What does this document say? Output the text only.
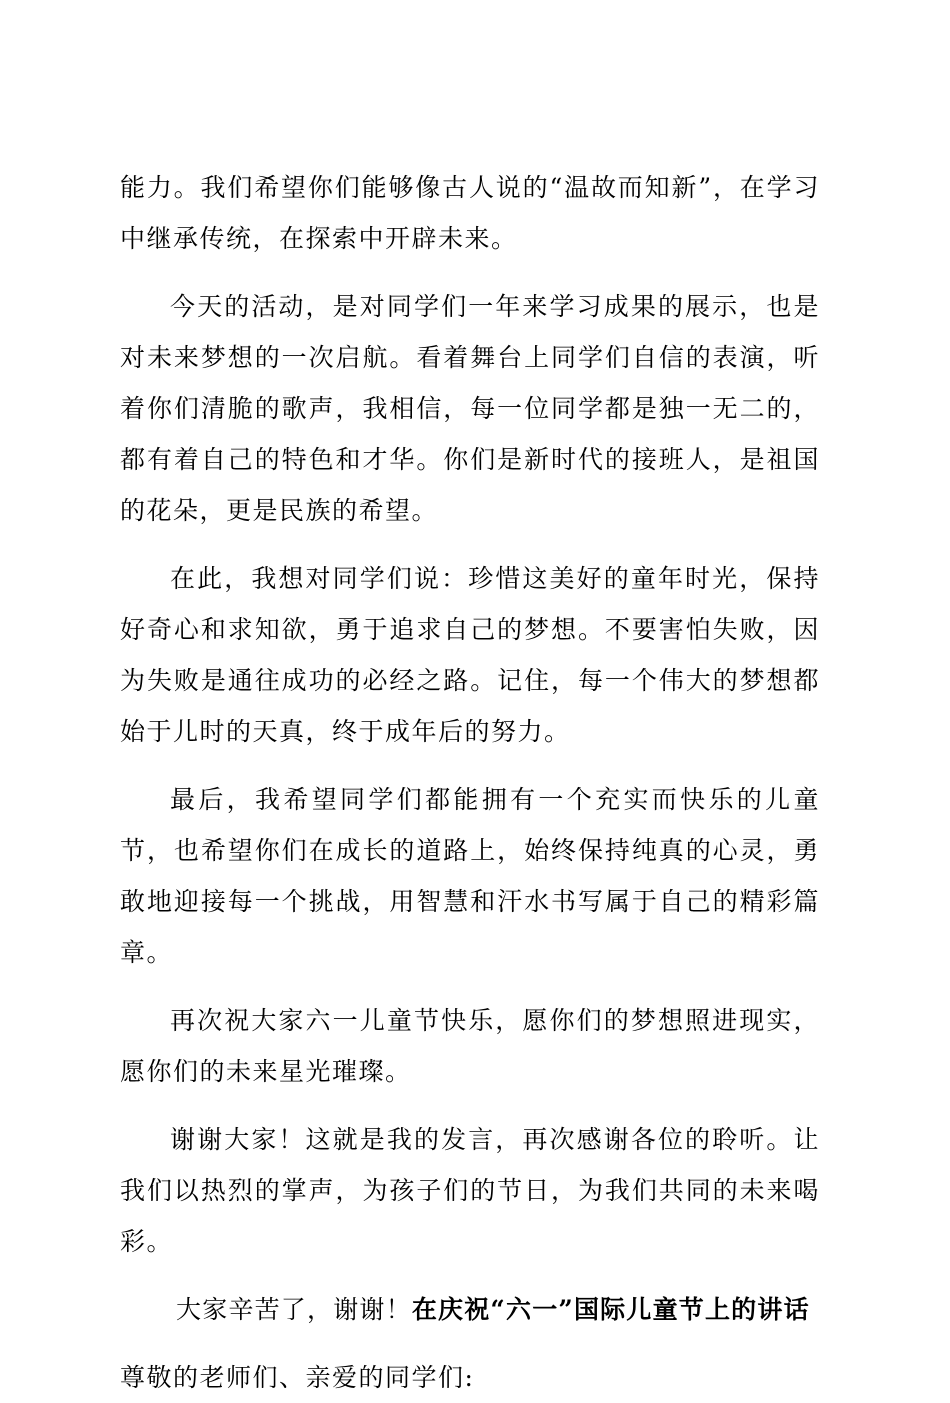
能力。我们希望你们能够像古人说的“温故而知新”，在学习中继承传统，在探索中开辟未来。

今天的活动，是对同学们一年来学习成果的展示，也是对未来梦想的一次启航。看着舞台上同学们自信的表演，听着你们清脆的歌声，我相信，每一位同学都是独一无二的，都有着自己的特色和才华。你们是新时代的接班人，是祖国的花朵，更是民族的希望。

在此，我想对同学们说：珍惜这美好的童年时光，保持好奇心和求知欲，勇于追求自己的梦想。不要害怕失败，因为失败是通往成功的必经之路。记住，每一个伟大的梦想都始于儿时的天真，终于成年后的努力。

最后，我希望同学们都能拥有一个充实而快乐的儿童节，也希望你们在成长的道路上，始终保持纯真的心灵，勇敢地迎接每一个挑战，用智慧和汗水书写属于自己的精彩篇章。

再次祝大家六一儿童节快乐，愿你们的梦想照进现实，愿你们的未来星光璀璨。

谢谢大家！这就是我的发言，再次感谢各位的聆听。让我们以热烈的掌声，为孩子们的节日，为我们共同的未来喝彩。

大家辛苦了，谢谢！在庆祝“六一”国际儿童节上的讲话

尊敬的老师们、亲爱的同学们:
